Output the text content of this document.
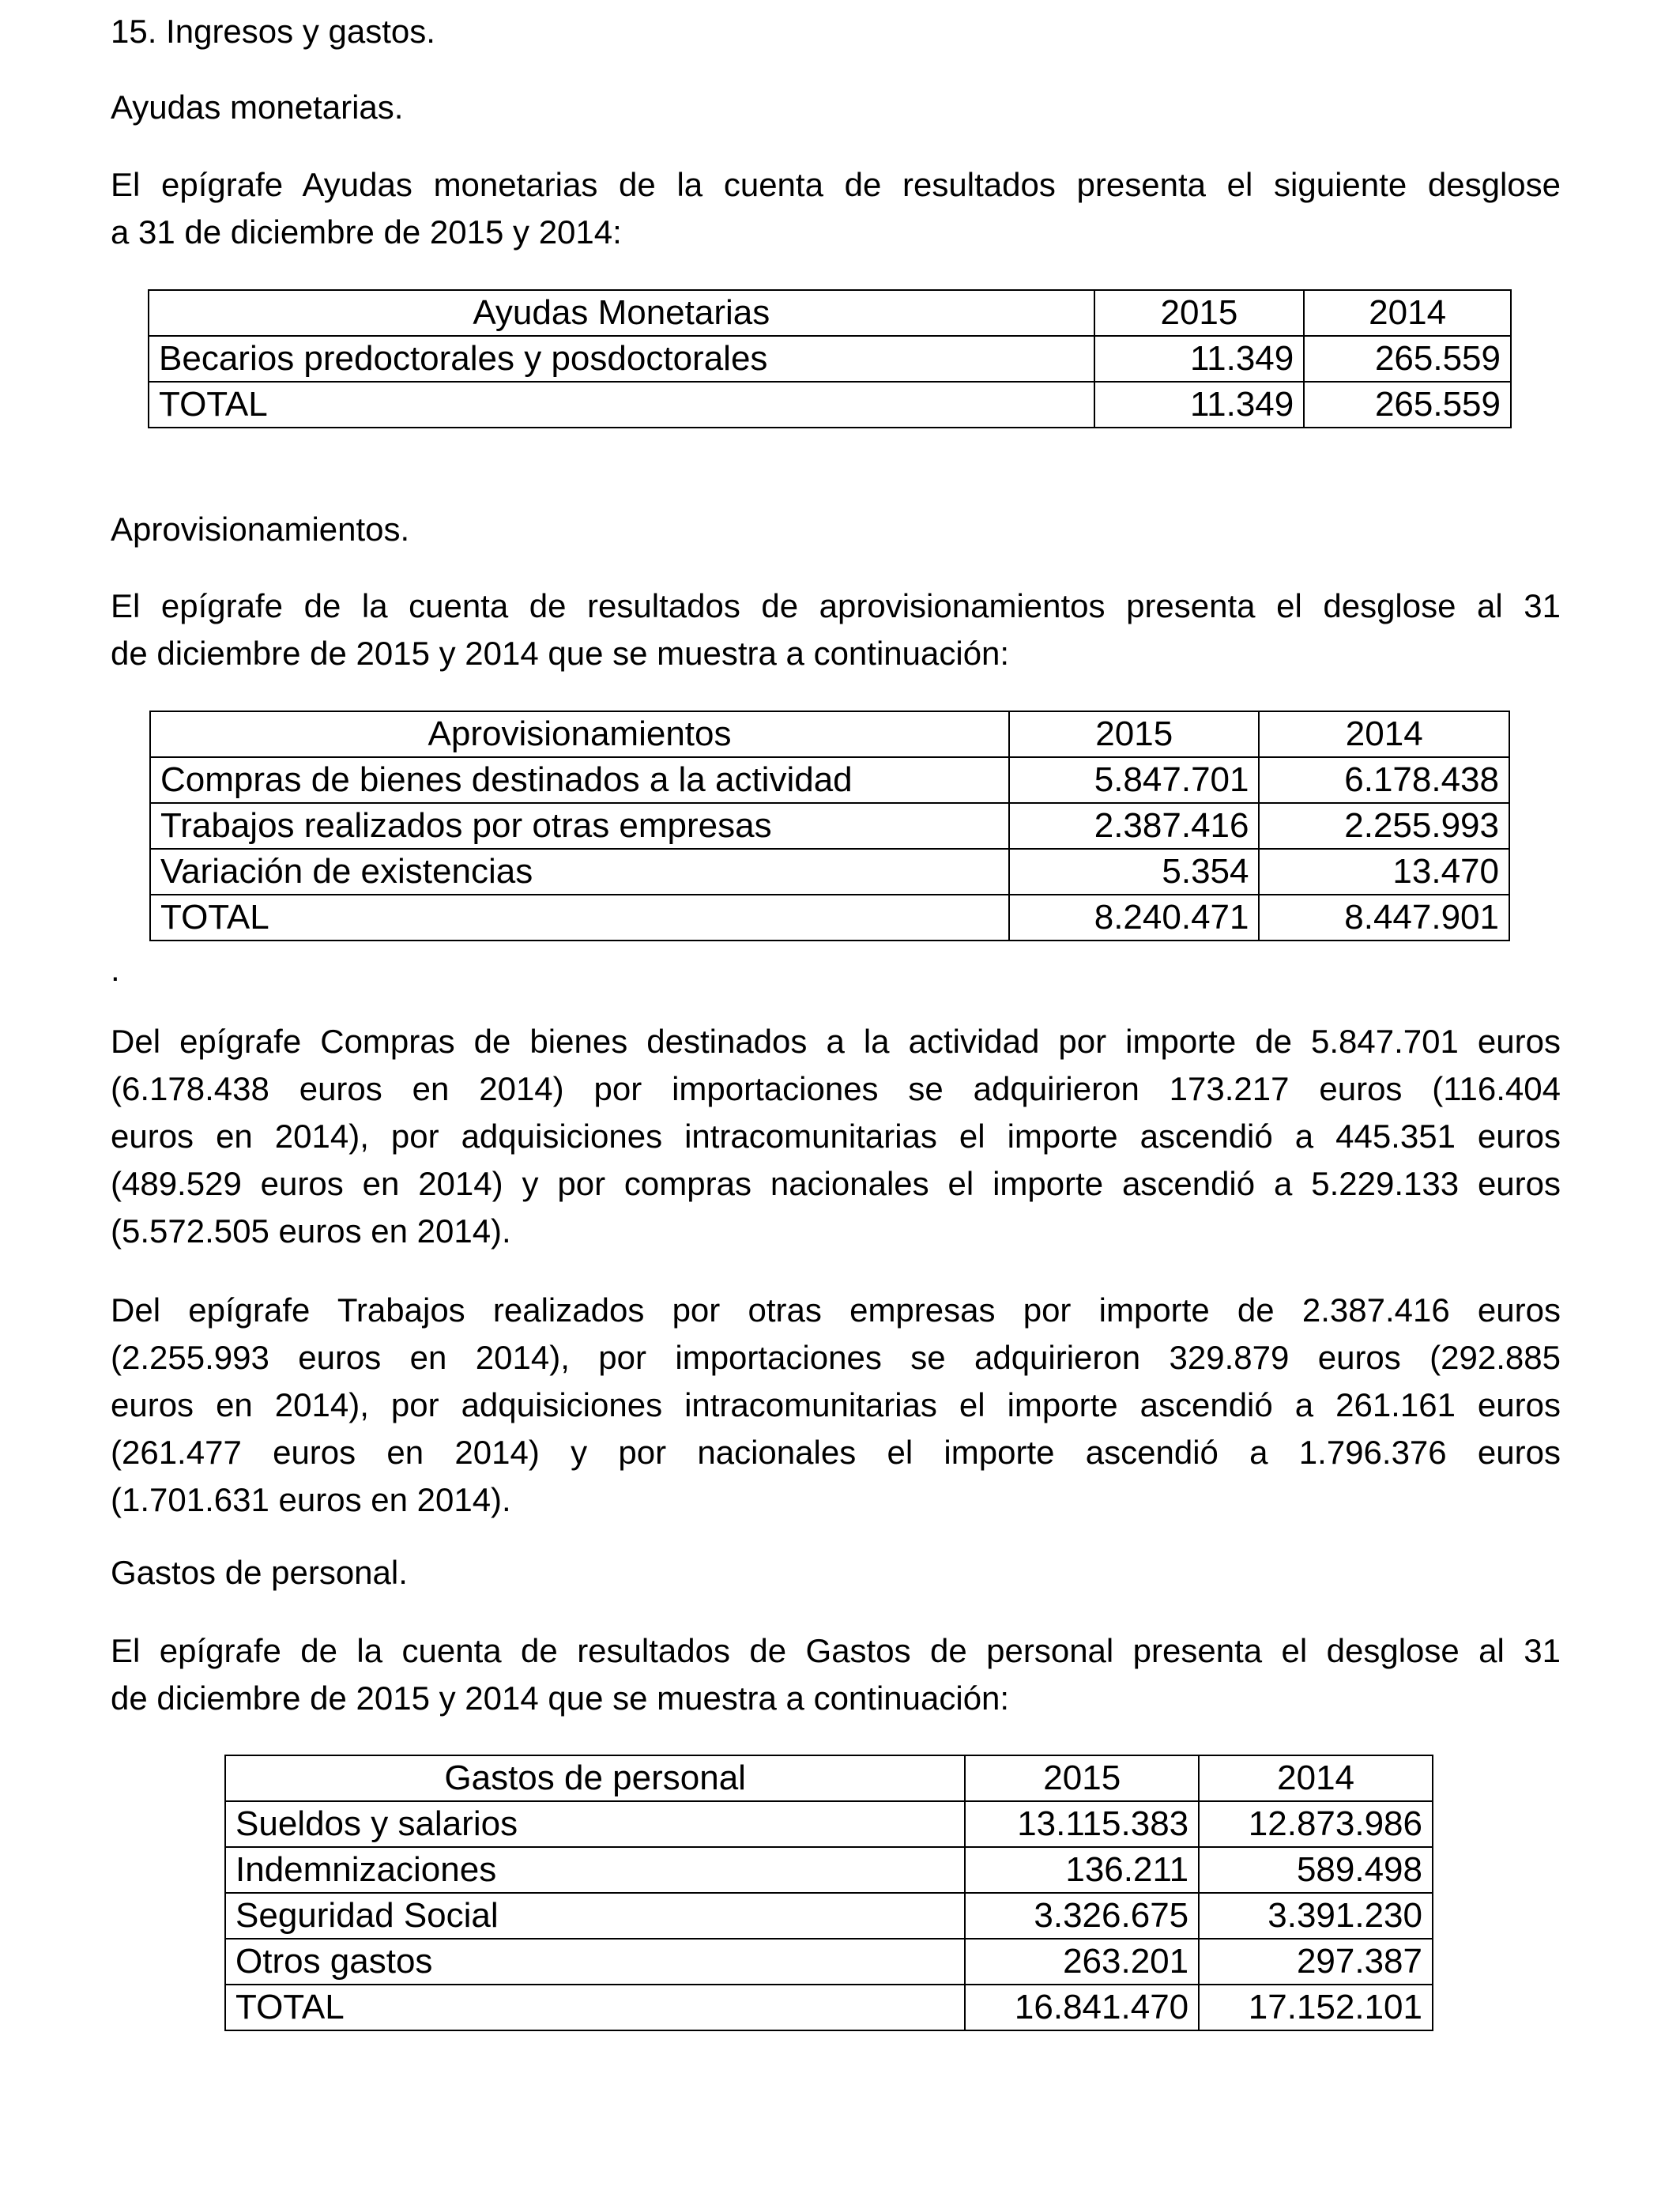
15. Ingresos y gastos.

Ayudas monetarias.

El epígrafe Ayudas monetarias de la cuenta de resultados presenta el siguiente desglose
a 31 de diciembre de 2015 y 2014:
Ayudas Monetarias	2015	2014
Becarios predoctorales y posdoctorales	11.349	265.559
TOTAL	11.349	265.559

Aprovisionamientos.

El epígrafe de la cuenta de resultados de aprovisionamientos presenta el desglose al 31
de diciembre de 2015 y 2014 que se muestra a continuación:
Aprovisionamientos	2015	2014
Compras de bienes destinados a la actividad	5.847.701	6.178.438
Trabajos realizados por otras empresas	2.387.416	2.255.993
Variación de existencias	5.354	13.470
TOTAL	8.240.471	8.447.901

.

Del epígrafe Compras de bienes destinados a la actividad por importe de 5.847.701 euros
(6.178.438 euros en 2014) por importaciones se adquirieron 173.217 euros (116.404
euros en 2014), por adquisiciones intracomunitarias el importe ascendió a 445.351 euros
(489.529 euros en 2014) y por compras nacionales el importe ascendió a 5.229.133 euros
(5.572.505 euros en 2014).
Del epígrafe Trabajos realizados por otras empresas por importe de 2.387.416 euros
(2.255.993 euros en 2014), por importaciones se adquirieron 329.879 euros (292.885
euros en 2014), por adquisiciones intracomunitarias el importe ascendió a 261.161 euros
(261.477 euros en 2014) y por nacionales el importe ascendió a 1.796.376 euros
(1.701.631 euros en 2014).

Gastos de personal.

El epígrafe de la cuenta de resultados de Gastos de personal presenta el desglose al 31
de diciembre de 2015 y 2014 que se muestra a continuación:
Gastos de personal	2015	2014
Sueldos y salarios	13.115.383	12.873.986
Indemnizaciones	136.211	589.498
Seguridad Social	3.326.675	3.391.230
Otros gastos	263.201	297.387
TOTAL	16.841.470	17.152.101
